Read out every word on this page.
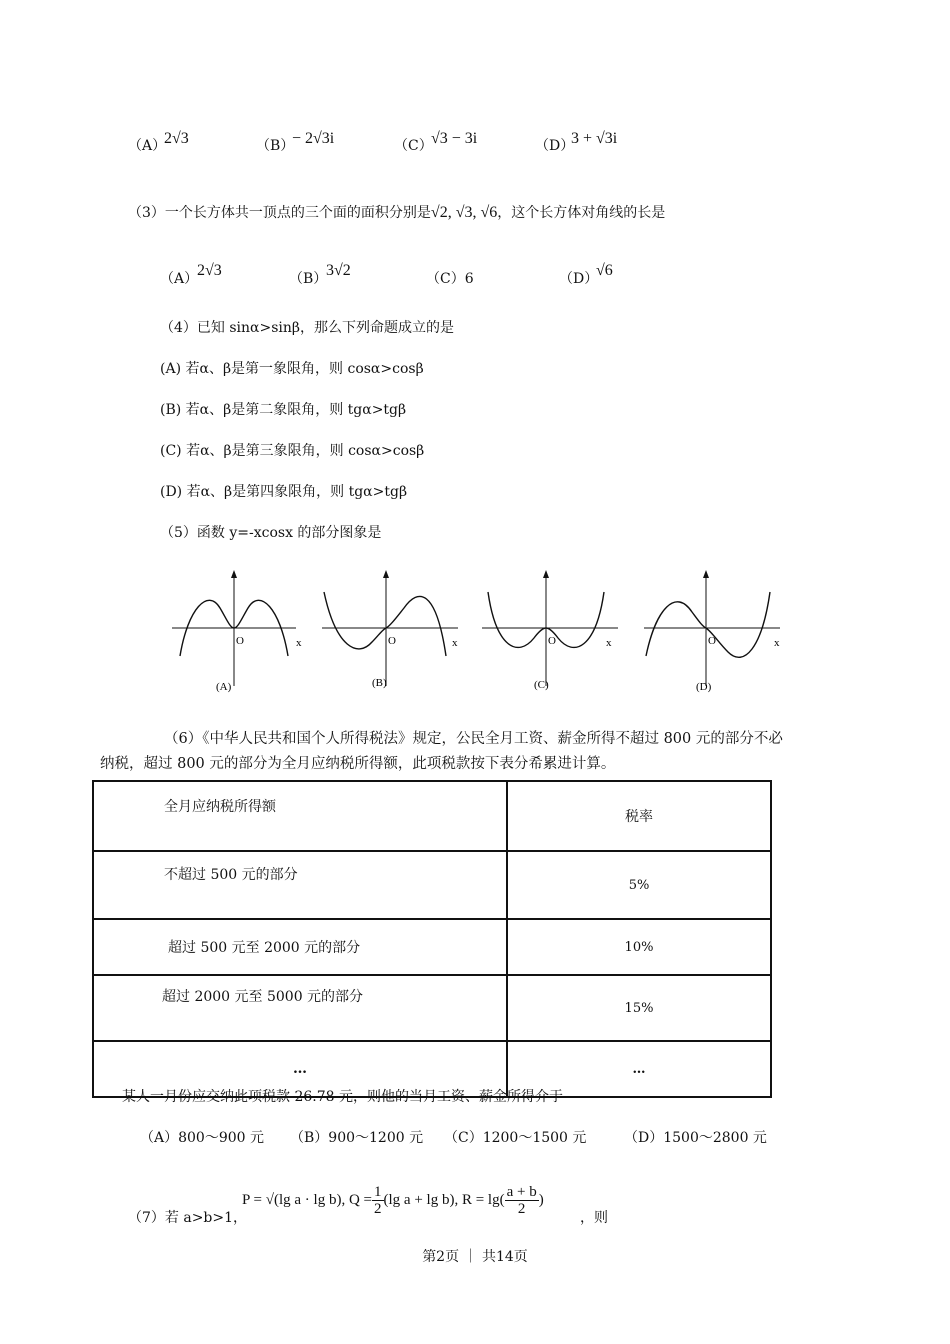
（A）
2√3	（B）
− 2√3i	（C）
√3 − 3i	（D）
3 + √3i
（3）一个长方体共一顶点的三个面的面积分别是√2, √3, √6，这个长方体对角线的长是
（A）
2√3	（B）
3√2	（C）6	（D）
√6
（4）已知 sinα>sinβ，那么下列命题成立的是
(A) 若α、β是第一象限角，则 cosα>cosβ
(B) 若α、β是第二象限角，则 tgα>tgβ
(C) 若α、β是第三象限角，则 cosα>cosβ
(D) 若α、β是第四象限角，则 tgα>tgβ
（5）函数 y=-xcosx 的部分图象是
O	x
(A)
O	x
(B)
O	x
(C)
O	x
(D)
（6）《中华人民共和国个人所得税法》规定，公民全月工资、薪金所得不超过 800 元的部分不必
纳税，超过 800 元的部分为全月应纳税所得额，此项税款按下表分希累进计算。
全月应纳税所得额	税率
不超过 500 元的部分	5%
超过 500 元至 2000 元的部分	10%
超过 2000 元至 5000 元的部分	15%
…	…
某人一月份应交纳此项税款 26.78 元，则他的当月工资、薪金所得介于
（A）800～900 元 （B）900～1200 元 （C）1200～1500 元	（D）1500～2800 元
（7）若 a>b>1，
P = √(lg a · lg b), $Q = \frac{1}{2} (\lg$ a + lg b), $R = \lg( \frac{a + b}{2}$ )
，则
第2页 ｜ 共14页
